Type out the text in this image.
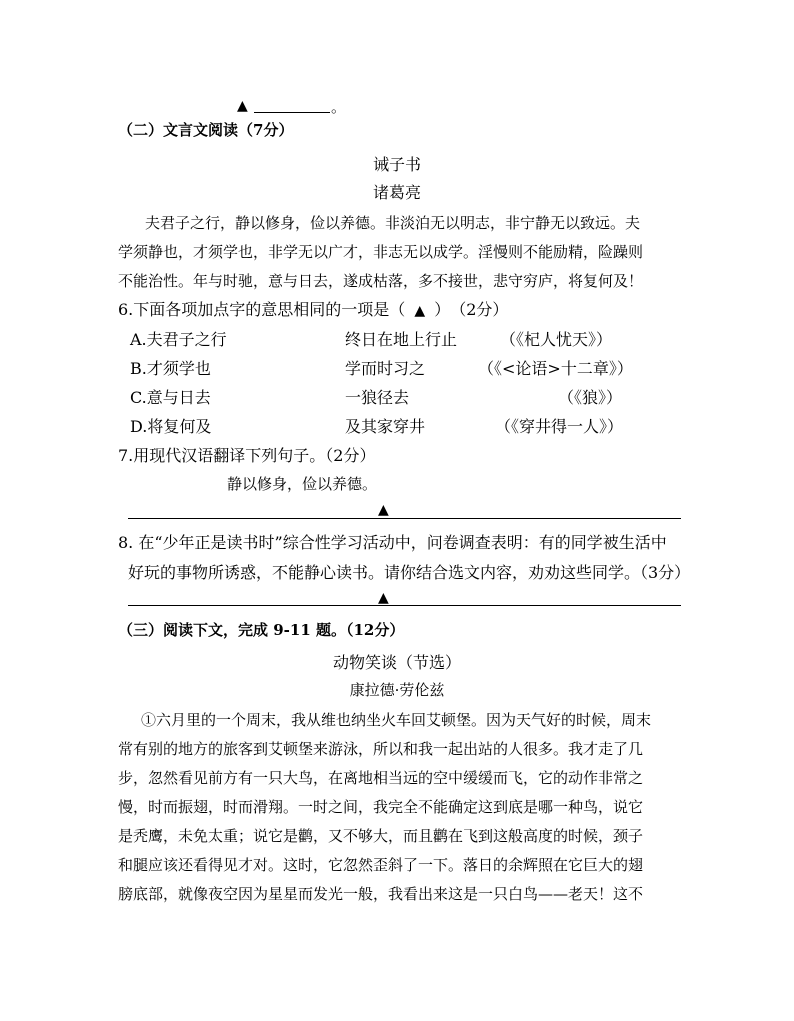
▲	。
（二）文言文阅读（7分）
诫子书
诸葛亮
夫君子之行，静以修身，俭以养德。非淡泊无以明志，非宁静无以致远。夫
学须静也，才须学也，非学无以广才，非志无以成学。淫慢则不能励精，险躁则
不能治性。年与时驰，意与日去，遂成枯落，多不接世，悲守穷庐，将复何及！
6.下面各项加点字的意思相同的一项是（ ▲ ）　（2分）
A.夫君子之行	终日在地上行止	（《杞人忧天》）
B.才须学也	学而时习之	（《<论语>十二章》）
C.意与日去	一狼径去	（《狼》）
D.将复何及	及其家穿井	（《穿井得一人》）
7.用现代汉语翻译下列句子。（2分）
静以修身，俭以养德。
▲
8. 在“少年正是读书时”综合性学习活动中，问卷调查表明：有的同学被生活中
好玩的事物所诱惑，不能静心读书。请你结合选文内容，劝劝这些同学。（3分）
▲
（三）阅读下文，完成 9-11 题。（12分）
动物笑谈（节选）
康拉德·劳伦兹
①六月里的一个周末，我从维也纳坐火车回艾顿堡。因为天气好的时候，周末
常有别的地方的旅客到艾顿堡来游泳，所以和我一起出站的人很多。我才走了几
步，忽然看见前方有一只大鸟，在离地相当远的空中缓缓而飞，它的动作非常之
慢，时而振翅，时而滑翔。一时之间，我完全不能确定这到底是哪一种鸟，说它
是秃鹰，未免太重；说它是鹳，又不够大，而且鹳在飞到这般高度的时候，颈子
和腿应该还看得见才对。这时，它忽然歪斜了一下。落日的余辉照在它巨大的翅
膀底部，就像夜空因为星星而发光一般，我看出来这是一只白鸟——老天！这不
